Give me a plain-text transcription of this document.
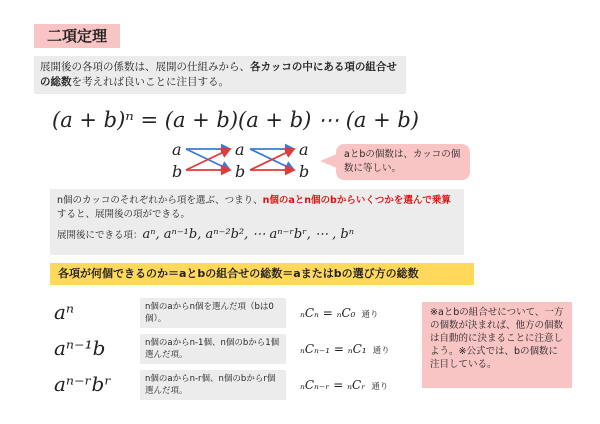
二項定理
展開後の各項の係数は、展開の仕組みから、各カッコの中にある項の組合せの総数を考えれば良いことに注目する。
(a + b)ⁿ = (a + b)(a + b) ⋯ (a + b)
a
b
a
b
a
b
aとbの個数は、カッコの個数に等しい。
n個のカッコのそれぞれから項を選ぶ、つまり、n個のaとn個のbからいくつかを選んで乗算すると、展開後の項ができる。
展開後にできる項：aⁿ, aⁿ⁻¹b, aⁿ⁻²b², ⋯ aⁿ⁻ʳbʳ, ⋯ , bⁿ
各項が何個できるのか＝aとbの組合せの総数＝aまたはbの選び方の総数
aⁿ	n個のaからn個を選んだ項（bは0個）。	ₙCₙ = ₙC₀ 通り
aⁿ⁻¹b	n個のaからn-1個、n個のbから1個選んだ項。	ₙCₙ₋₁ = ₙC₁ 通り
aⁿ⁻ʳbʳ	n個のaからn-r個、n個のbからr個選んだ項。	ₙCₙ₋ᵣ = ₙCᵣ 通り
※aとbの組合せについて、一方の個数が決まれば、他方の個数は自動的に決まることに注意しよう。※公式では、bの個数に注目している。
